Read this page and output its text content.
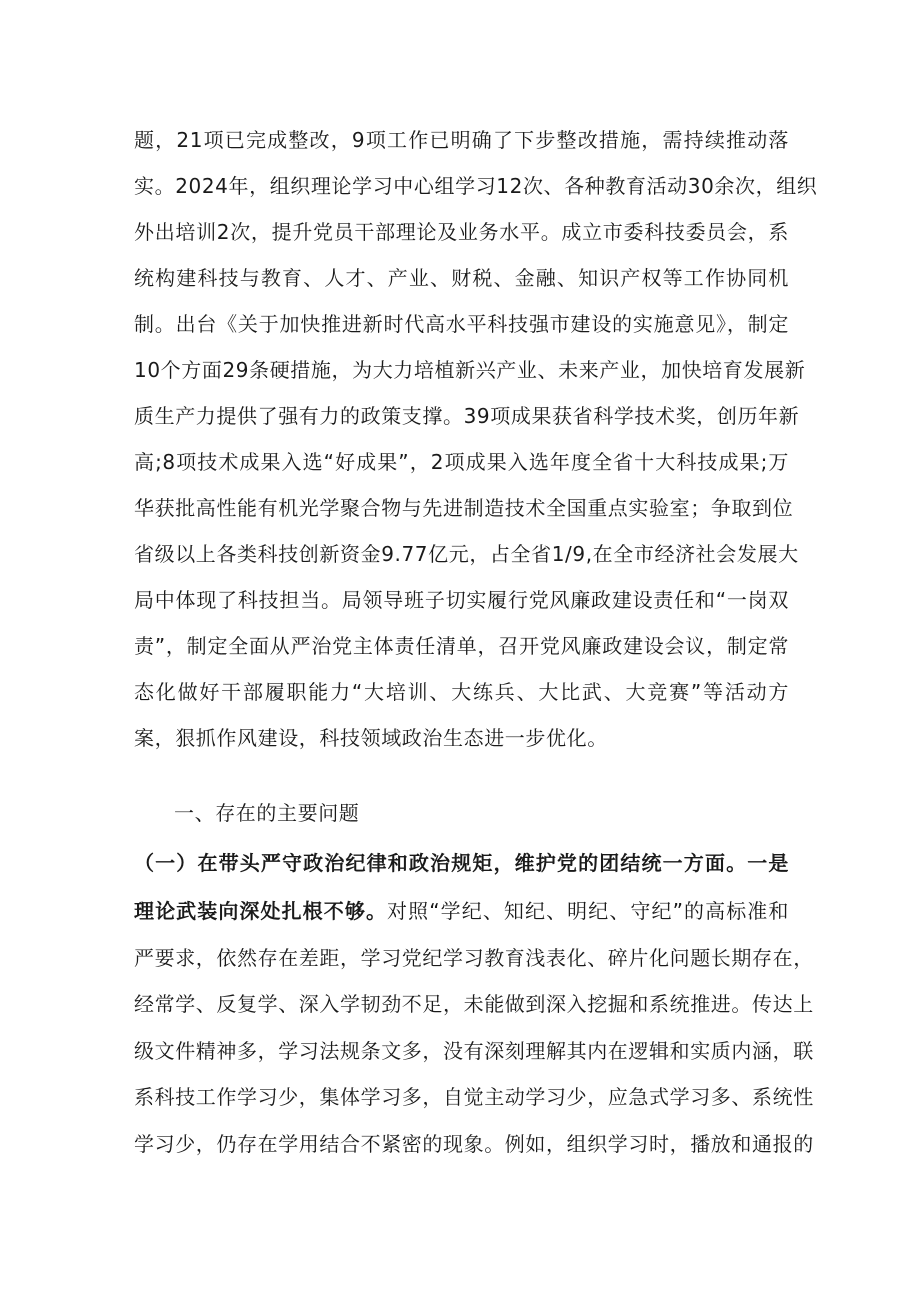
题，21项已完成整改，9项工作已明确了下步整改措施，需持续推动落
实。2024年，组织理论学习中心组学习12次、各种教育活动30余次，组织
外出培训2次，提升党员干部理论及业务水平。成立市委科技委员会，系
统构建科技与教育、人才、产业、财税、金融、知识产权等工作协同机
制。出台《关于加快推进新时代高水平科技强市建设的实施意见》，制定
10个方面29条硬措施，为大力培植新兴产业、未来产业，加快培育发展新
质生产力提供了强有力的政策支撑。39项成果获省科学技术奖，创历年新
高;8项技术成果入选“好成果”，2项成果入选年度全省十大科技成果;万
华获批高性能有机光学聚合物与先进制造技术全国重点实验室；争取到位
省级以上各类科技创新资金9.77亿元，占全省1/9,在全市经济社会发展大
局中体现了科技担当。局领导班子切实履行党风廉政建设责任和“一岗双
责”，制定全面从严治党主体责任清单，召开党风廉政建设会议，制定常
态化做好干部履职能力“大培训、大练兵、大比武、大竞赛”等活动方
案，狠抓作风建设，科技领域政治生态进一步优化。
一、存在的主要问题
（一）在带头严守政治纪律和政治规矩，维护党的团结统一方面。一是
理论武装向深处扎根不够。对照“学纪、知纪、明纪、守纪”的高标准和
严要求，依然存在差距，学习党纪学习教育浅表化、碎片化问题长期存在，
经常学、反复学、深入学韧劲不足，未能做到深入挖掘和系统推进。传达上
级文件精神多，学习法规条文多，没有深刻理解其内在逻辑和实质内涵，联
系科技工作学习少，集体学习多，自觉主动学习少，应急式学习多、系统性
学习少，仍存在学用结合不紧密的现象。例如，组织学习时，播放和通报的
